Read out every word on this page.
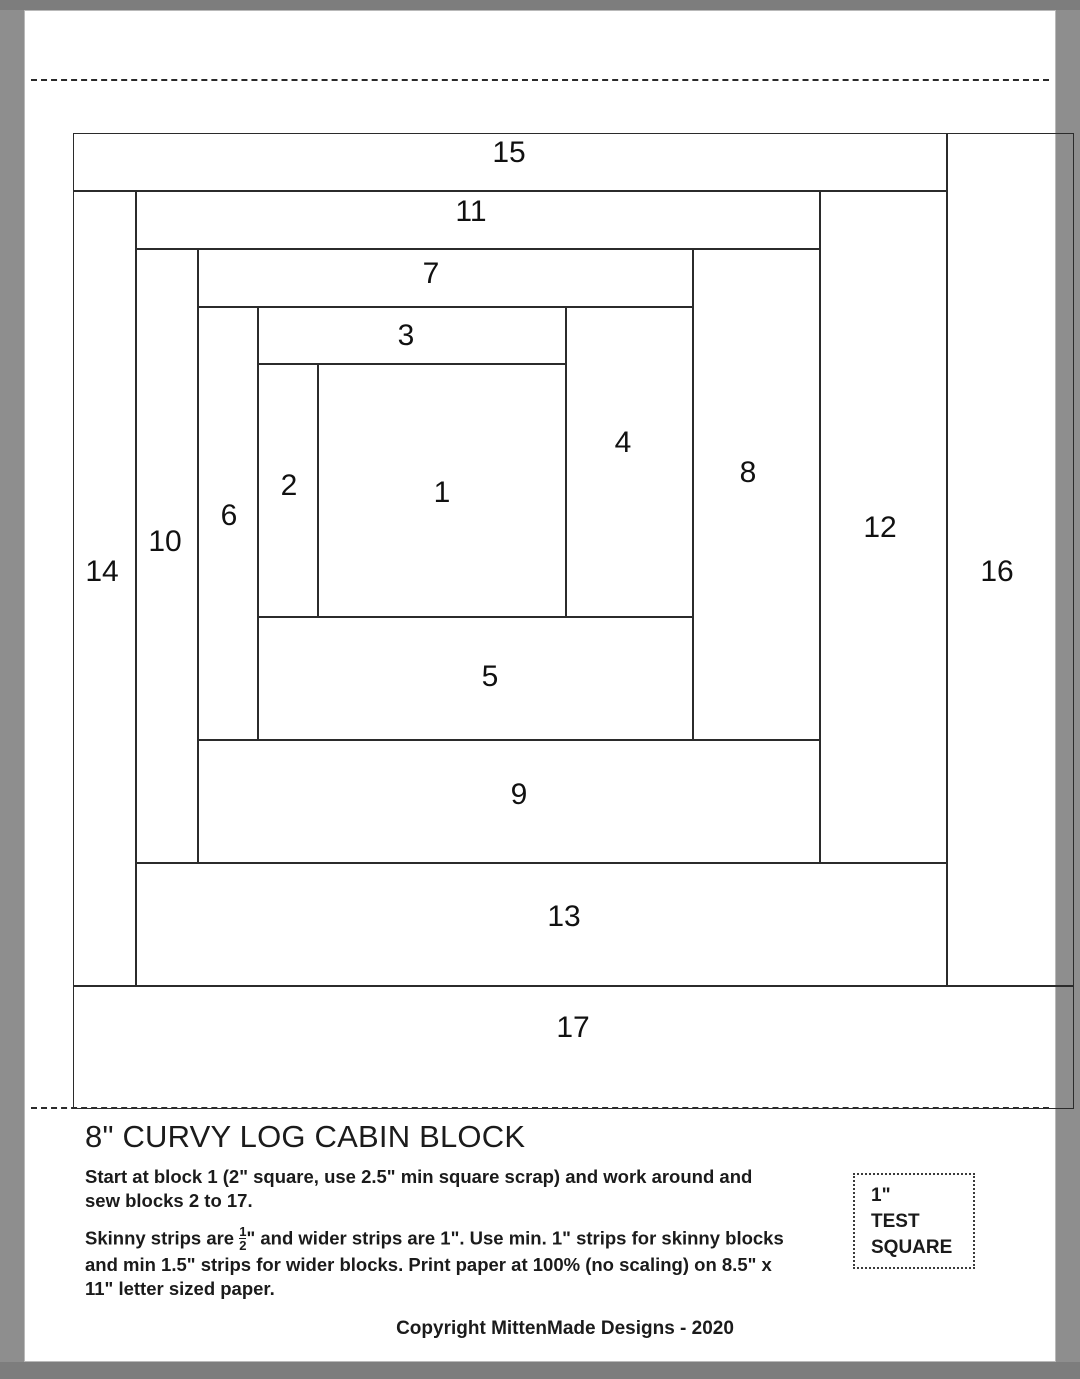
1
2
3
4
5
6
7
8
9
10
11
12
13
14
15
16
17
8" CURVY LOG CABIN BLOCK

Start at block 1 (2" square, use 2.5" min square scrap) and work around and sew blocks 2 to 17.

Skinny strips are $\frac{1}{2}$ " and wider strips are 1". Use min. 1" strips for skinny blocks and min 1.5" strips for wider blocks. Print paper at 100% (no scaling) on 8.5" x 11" letter sized paper.

Copyright MittenMade Designs - 2020
1"
TEST
SQUARE
